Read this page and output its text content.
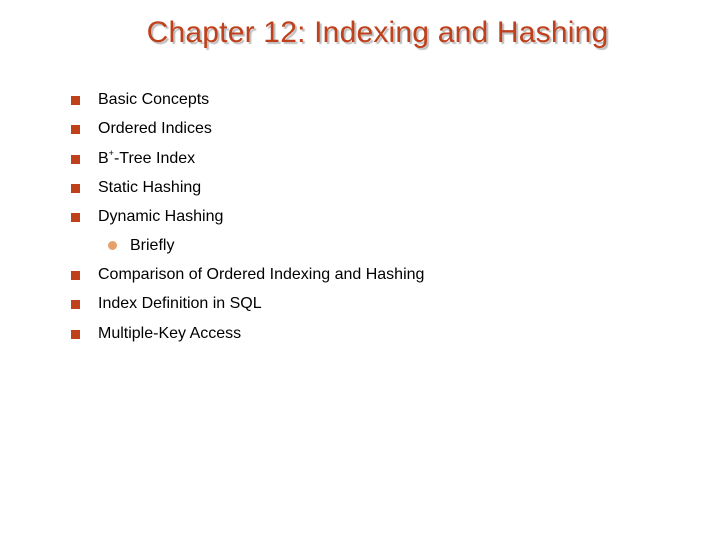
Chapter 12: Indexing and Hashing
Basic Concepts
Ordered Indices
B+-Tree Index
Static Hashing
Dynamic Hashing
Briefly
Comparison of Ordered Indexing and Hashing
Index Definition in SQL
Multiple-Key Access
